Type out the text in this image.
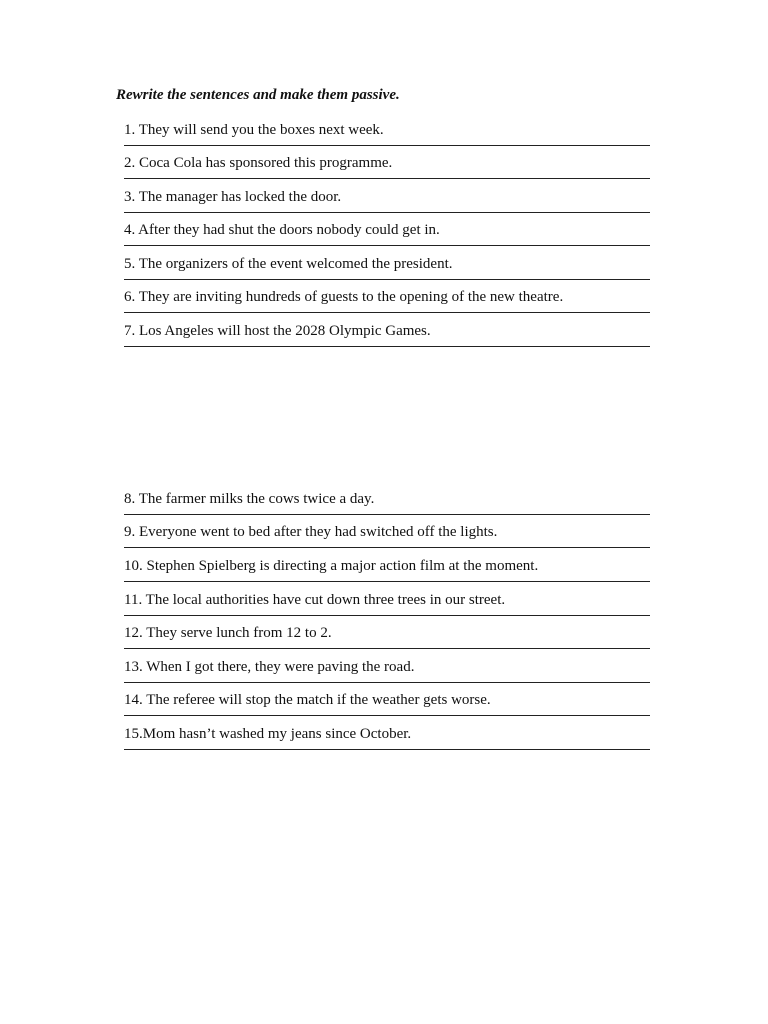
Rewrite the sentences and make them passive.
1. They will send you the boxes next week.
2. Coca Cola has sponsored this programme.
3. The manager has locked the door.
4. After they had shut the doors nobody could get in.
5. The organizers of the event welcomed the president.
6. They are inviting hundreds of guests to the opening of the new theatre.
7. Los Angeles will host the 2028 Olympic Games.
8. The farmer milks the cows twice a day.
9. Everyone went to bed after they had switched off the lights.
10. Stephen Spielberg is directing a major action film at the moment.
11. The local authorities have cut down three trees in our street.
12. They serve lunch from 12 to 2.
13. When I got there, they were paving the road.
14. The referee will stop the match if the weather gets worse.
15.Mom hasn’t washed my jeans since October.
